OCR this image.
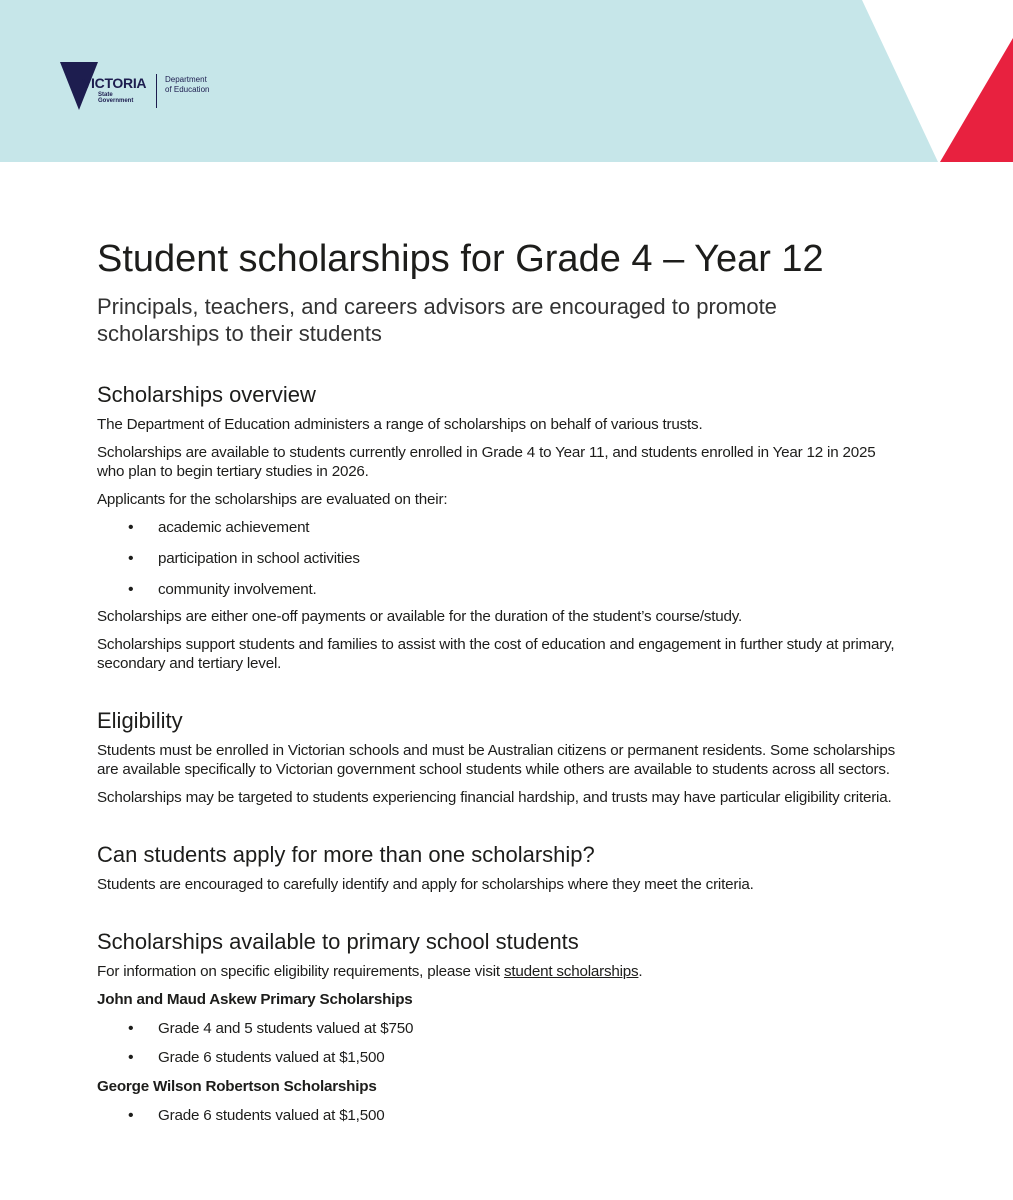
VICTORIA
State
Government
Department
of Education
Student scholarships for Grade 4 – Year 12
Principals, teachers, and careers advisors are encouraged to promote scholarships to their students
Scholarships overview

The Department of Education administers a range of scholarships on behalf of various trusts.

Scholarships are available to students currently enrolled in Grade 4 to Year 11, and students enrolled in Year 12 in 2025 who plan to begin tertiary studies in 2026.

Applicants for the scholarships are evaluated on their:

• academic achievement
• participation in school activities
• community involvement.

Scholarships are either one-off payments or available for the duration of the student’s course/study.

Scholarships support students and families to assist with the cost of education and engagement in further study at primary, secondary and tertiary level.

Eligibility

Students must be enrolled in Victorian schools and must be Australian citizens or permanent residents. Some scholarships are available specifically to Victorian government school students while others are available to students across all sectors.

Scholarships may be targeted to students experiencing financial hardship, and trusts may have particular eligibility criteria.

Can students apply for more than one scholarship?

Students are encouraged to carefully identify and apply for scholarships where they meet the criteria.

Scholarships available to primary school students

For information on specific eligibility requirements, please visit student scholarships.

John and Maud Askew Primary Scholarships

• Grade 4 and 5 students valued at $750
• Grade 6 students valued at $1,500

George Wilson Robertson Scholarships

• Grade 6 students valued at $1,500
